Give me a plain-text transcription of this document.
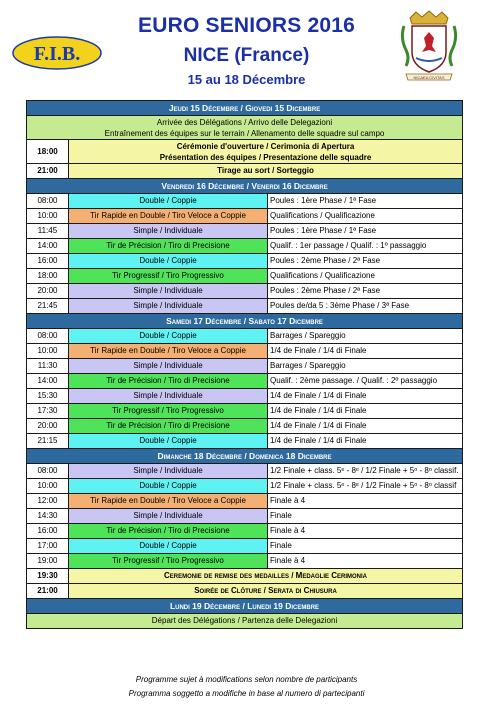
F.I.B.
EURO SENIORS 2016
NICE (France)
15 au 18 Décembre	NICAEA CIVITAS
Jeudi 15 Décembre / Giovedi 15 Dicembre		
Arrivée des Délégations / Arrivo delle Delegazioni
Entraînement des équipes sur le terrain / Allenamento delle squadre sul campo		
18:00	Cérémonie d'ouverture / Cerimonia di Apertura
Présentation des équipes / Presentazione delle squadre	
21:00	Tirage au sort / Sorteggio	
Vendredi 16 Décembre / Venerdi 16 Dicembre		
08:00	Double / Coppie	Poules : 1ère Phase / 1ª Fase
10:00	Tir Rapide en Double / Tiro Veloce a Coppie	Qualifications / Qualificazione
11:45	Simple / Individuale	Poules : 1ère Phase / 1ª Fase
14:00	Tir de Précision / Tiro di Precisione	Qualif. : 1er passage / Qualif. : 1º passaggio
16:00	Double / Coppie	Poules : 2ème Phase / 2ª Fase
18:00	Tir Progressif / Tiro Progressivo	Qualifications / Qualificazione
20:00	Simple / Individuale	Poules : 2ème Phase / 2ª Fase
21:45	Simple / Individuale	Poules de/da 5 : 3ème Phase / 3ª Fase
Samedi 17 Décembre / Sabato 17 Dicembre		
08:00	Double / Coppie	Barrages / Spareggio
10:00	Tir Rapide en Double / Tiro Veloce a Coppie	1/4 de Finale / 1/4 di Finale
11:30	Simple / Individuale	Barrages / Spareggio
14:00	Tir de Précision / Tiro di Precisione	Qualif. : 2ème passage. / Qualif. : 2º passaggio
15:30	Simple / Individuale	1/4 de Finale / 1/4 di Finale
17:30	Tir Progressif / Tiro Progressivo	1/4 de Finale / 1/4 di Finale
20:00	Tir de Précision / Tiro di Precisione	1/4 de Finale / 1/4 di Finale
21:15	Double / Coppie	1/4 de Finale / 1/4 di Finale
Dimanche 18 Décembre / Domenica 18 Dicembre		
08:00	Simple / Individuale	1/2 Finale + class. 5ᵉ - 8ᵉ / 1/2 Finale + 5ᵒ - 8ᵒ classif.
10:00	Double / Coppie	1/2 Finale + class. 5ᵉ - 8ᵉ / 1/2 Finale + 5ᵒ - 8ᵒ classif
12:00	Tir Rapide en Double / Tiro Veloce a Coppie	Finale à 4
14:30	Simple / Individuale	Finale
16:00	Tir de Précision / Tiro di Precisione	Finale à 4
17:00	Double / Coppie	Finale
19:00	Tir Progressif / Tiro Progressivo	Finale à 4
19:30	Ceremonie de remise des medailles / Medaglie Cerimonia	
21:00	Soirée de Clôture / Serata di Chiusura	
Lundi 19 Décembre / Lunedi 19 Dicembre		
Départ des Délégations / Partenza delle Delegazioni		
Programme sujet à modifications selon nombre de participants
Programma soggetto a modifiche in base al numero di partecipanti
